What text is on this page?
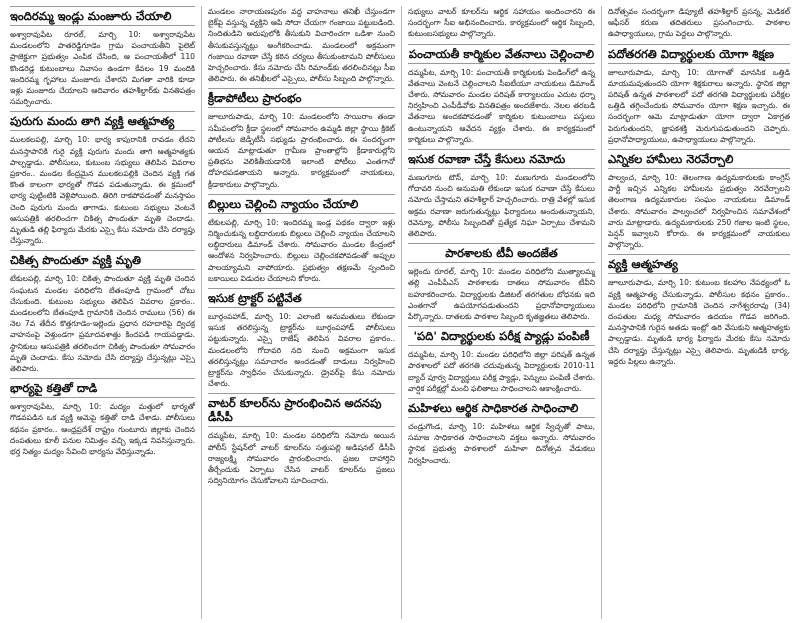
ఇందిరమ్మ ఇండ్లు మంజూరు చేయాలి

అశ్వారావుపేట రూరల్, మార్చి 10: అశ్వారావుపేట మండలంలోని పాతరెడ్డిగూడెం గ్రామ పంచాయతీని పైలెట్ ప్రాజెక్టుగా ప్రభుత్వం ఎంపిక చేసింది, ఆ పంచాయతీలో 110 కొండరెడ్ల కుటుంబాలు నివాసం ఉండగా కేవలం 19 మందికి ఇందిరమ్మ గృహాలు మంజూరు చేశారని మిగతా వారికి కూడా ఇళ్లు మంజూరు చేయాలని ఆదివారం తహశీల్దార్‌కు వినతిపత్రం సమర్పించారు.

పురుగు మందు తాగి వ్యక్తి ఆత్మహత్య

ములకలపల్లి, మార్చి 10: భార్య కాపురానికి రావడం లేదని మనస్తాపానికి గురై వ్యక్తి పురుగు మందు తాగి ఆత్మహత్యకు పాల్పడ్డాడు. పోలీసులు, కుటుంబ సభ్యులు తెలిపిన వివరాల ప్రకారం.. మండల కేంద్రమైన ములకలపల్లికి చెందిన వ్యక్తి గత కొంత కాలంగా భార్యతో గొడవ పడుతున్నాడు. ఈ క్రమంలో భార్య పుట్టింటికి వెళ్లిపోయింది. తిరిగి రాకపోవడంతో మనస్తాపం చెంది పురుగు మందు తాగాడు. కుటుంబ సభ్యులు వెంటనే ఆసుపత్రికి తరలించగా చికిత్స పొందుతూ మృతి చెందాడు. మృతుడి తల్లి ఫిర్యాదు మేరకు ఎస్సై కేసు నమోదు చేసి దర్యాప్తు చేస్తున్నారు.

చికిత్స పొందుతూ వ్యక్తి మృతి

టేకులపల్లి, మార్చి 10: చికిత్స పొందుతూ వ్యక్తి మృతి చెందిన సంఘటన మండల పరిధిలోని బేతంపూడి గ్రామంలో చోటు చేసుకుంది. కుటుంబ సభ్యులు తెలిపిన వివరాల ప్రకారం.. మండలంలోని బేతంపూడి గ్రామానికి చెందిన రాములు (56) ఈ నెల 7వ తేదీన కొత్తగూడెం-ఇల్లెందు ప్రధాన రహదారిపై ద్విచక్ర వాహనంపై వెళ్తుండగా ప్రమాదవశాత్తు కిందపడి గాయపడ్డాడు. స్థానికులు ఆసుపత్రికి తరలించగా చికిత్స పొందుతూ సోమవారం మృతి చెందాడు. కేసు నమోదు చేసి దర్యాప్తు చేస్తున్నట్లు ఎస్సై తెలిపారు.

భార్యపై కత్తితో దాడి

అశ్వారావుపేట, మార్చి 10: మద్యం మత్తులో భార్యతో గొడవపడిన ఒక వ్యక్తి ఆమెపై కత్తితో దాడి చేశాడు. పోలీసులు కథనం ప్రకారం.. ఆంధ్రప్రదేశ్ రాష్ట్రం గుంటూరు జిల్లాకు చెందిన దంపతులు కూలీ పనుల నిమిత్తం వచ్చి ఇక్కడ నివసిస్తున్నారు. భర్త నిత్యం మద్యం సేవించి భార్యను వేధిస్తున్నాడు.

మండలం నారాయణపురం వద్ద వాహనాలు తనిఖీ చేస్తుండగా బైక్‌పై వస్తున్న వ్యక్తిని ఆపి సోదా చేయగా గంజాయి పట్టుబడింది. నిందితుడిని అదుపులోకి తీసుకుని విచారించగా ఒడిశా నుంచి తీసుకువస్తున్నట్లు అంగీకరించాడు. మండలంలో అక్రమంగా గంజాయి రవాణా చేస్తే కఠిన చర్యలు తీసుకుంటామని పోలీసులు హెచ్చరించారు. కేసు నమోదు చేసి రిమాండ్‌కు తరలించినట్లు సీఐ తెలిపారు. ఈ తనిఖీలలో ఎస్సైలు, పోలీసు సిబ్బంది పాల్గొన్నారు.

క్రీడాపోటీలు ప్రారంభం

జూలూరుపాడు, మార్చి 10: మండలంలోని సాయిరాం తండా సమీపంలోని క్రీడా స్థలంలో సోమవారం ఉమ్మడి జిల్లా స్థాయి క్రికెట్ పోటీలను జెడ్పీటీసీ సభ్యుడు ప్రారంభించారు. ఈ సందర్భంగా ఆయన మాట్లాడుతూ గ్రామీణ ప్రాంతాల్లోని క్రీడాకారుల్లోని ప్రతిభను వెలికితీయడానికి ఇలాంటి పోటీలు ఎంతగానో దోహదపడతాయని అన్నారు. కార్యక్రమంలో నాయకులు, క్రీడాకారులు పాల్గొన్నారు.

బిల్లులు చెల్లించి న్యాయం చేయాలి

టేకులపల్లి, మార్చి 10: ఇందిరమ్మ ఇండ్ల పథకం ద్వారా ఇళ్లు నిర్మించుకున్న లబ్ధిదారులకు బిల్లులు చెల్లించి న్యాయం చేయాలని లబ్ధిదారులు డిమాండ్ చేశారు. సోమవారం మండల కేంద్రంలో ఆందోళన నిర్వహించారు. బిల్లులు చెల్లించకపోవడంతో అప్పుల పాలయ్యామని వాపోయారు. ప్రభుత్వం తక్షణమే స్పందించి బకాయిలు విడుదల చేయాలని కోరారు.

ఇసుక ట్రాక్టర్ పట్టివేత

బూర్గంపహాడ్, మార్చి 10: ఎలాంటి అనుమతులు లేకుండా ఇసుక తరలిస్తున్న ట్రాక్టర్‌ను బూర్గంపహాడ్ పోలీసులు పట్టుకున్నారు. ఎస్సై రాజేష్ తెలిపిన వివరాల ప్రకారం.. మండలంలోని గోదావరి నది నుంచి అక్రమంగా ఇసుక తరలిస్తున్నట్లు సమాచారం అందడంతో దాడులు నిర్వహించి ట్రాక్టర్‌ను స్వాధీనం చేసుకున్నారు. డ్రైవర్‌పై కేసు నమోదు చేశారు.

వాటర్ కూలర్‌ను ప్రారంభించిన అదనపు డీసీపీ

దమ్మపేట, మార్చి 10: మండల పరిధిలోని నమోదు అయిన పోలీస్ స్టేషన్‌లో వాటర్ కూలర్‌ను సత్తుపల్లి అడిషనల్ డీసీపీ రాజ్యలక్ష్మి సోమవారం ప్రారంభించారు. ప్రజల దాహార్తిని తీర్చేందుకు ఏర్పాటు చేసిన వాటర్ కూలర్‌ను ప్రజలు సద్వినియోగం చేసుకోవాలని సూచించారు.

సభ్యులు వాటర్ కూలర్‌ను ఆర్థిక సహాయం అందించారని ఈ సందర్భంగా సీఐ అభినందించారు. కార్యక్రమంలో ఆర్థిక సిబ్బంది, కుటుంబసభ్యులు పాల్గొన్నారు.

పంచాయతీ కార్మికుల వేతనాలు చెల్లించాలి

దమ్మపేట, మార్చి 10: పంచాయతీ కార్మికులకు పెండింగ్‌లో ఉన్న వేతనాలు వెంటనే చెల్లించాలని సీఐటీయూ నాయకులు డిమాండ్ చేశారు. సోమవారం మండల పరిషత్ కార్యాలయం ఎదుట ధర్నా నిర్వహించి ఎంపీడీవోకు వినతిపత్రం అందజేశారు. నెలల తరబడి వేతనాలు అందకపోవడంతో కార్మికుల కుటుంబాలు పస్తులు ఉంటున్నాయని ఆవేదన వ్యక్తం చేశారు. ఈ కార్యక్రమంలో కార్మికులు పాల్గొన్నారు.

ఇసుక రవాణా చేస్తే కేసులు నమోదు

మణుగూరు టౌన్, మార్చి 10: మణుగూరు మండలంలోని గోదావరి నుంచి అనుమతి లేకుండా ఇసుక రవాణా చేస్తే కేసులు నమోదు చేస్తామని తహశీల్దార్ హెచ్చరించారు. రాత్రి వేళల్లో ఇసుక అక్రమ రవాణా జరుగుతున్నట్లు ఫిర్యాదులు అందుతున్నాయని, రెవెన్యూ, పోలీసు సిబ్బందితో ప్రత్యేక నిఘా ఏర్పాటు చేశామని తెలిపారు.

పారశాలకు టీవీ అందజేత

ఇల్లెందు రూరల్, మార్చి 10: మండల పరిధిలోని ముత్యాలమ్మ తల్లి ఎంపీపీఎస్ పాఠశాలకు దాతలు సోమవారం టీవీని బహూకరించారు. విద్యార్థులకు డిజిటల్ తరగతుల బోధనకు ఇది ఎంతగానో ఉపయోగపడుతుందని ప్రధానోపాధ్యాయులు పేర్కొన్నారు. దాతలకు పాఠశాల సిబ్బంది కృతజ్ఞతలు తెలిపారు.

'పది' విద్యార్థులకు పరీక్ష ప్యాడ్లు పంపిణీ

దమ్మపేట, మార్చి 10: మండల పరిధిలోని జిల్లా పరిషత్ ఉన్నత పాఠశాలలో పదో తరగతి చదువుతున్న విద్యార్థులకు 2010-11 బ్యాచ్ పూర్వ విద్యార్థులు పరీక్ష ప్యాడ్లు, పెన్నులు పంపిణీ చేశారు. వార్షిక పరీక్షల్లో మంచి ఫలితాలు సాధించాలని ఆకాంక్షించారు.

మహిళలు ఆర్థిక సాధికారత సాధించాలి

చండ్రుగొండ, మార్చి 10: మహిళలు ఆర్థిక స్వేచ్ఛతో పాటు, సమాజ సాధికారత సాధించాలని వక్తలు అన్నారు. సోమవారం స్థానిక ప్రభుత్వ పాఠశాలలో మహిళా దినోత్సవ వేడుకలు నిర్వహించారు.

దినోత్సవం సందర్భంగా డిప్యూటీ తహశీల్దార్ ప్రసన్న, మెడికల్ ఆఫీసర్ కరుణ తదితరులు ప్రసంగించారు. పాఠశాల ఉపాధ్యాయులు, గ్రామ పెద్దలు పాల్గొన్నారు.

పదోతరగతి విద్యార్థులకు యోగా శిక్షణ

జూలూరుపాడు, మార్చి 10: యోగాతో మానసిక ఒత్తిడి మాయమవుతుందని యోగా శిక్షకురాలు అన్నారు. స్థానిక జిల్లా పరిషత్ ఉన్నత పాఠశాలలో పదో తరగతి విద్యార్థులకు పరీక్షల ఒత్తిడి తగ్గించేందుకు సోమవారం యోగా శిక్షణ ఇచ్చారు. ఈ సందర్భంగా ఆమె మాట్లాడుతూ యోగా ద్వారా ఏకాగ్రత పెరుగుతుందని, జ్ఞాపకశక్తి మెరుగుపడుతుందని చెప్పారు. ప్రధానోపాధ్యాయులు, ఉపాధ్యాయులు పాల్గొన్నారు.

ఎన్నికల హామీలు నెరవేర్చాలి

పాల్వంచ, మార్చి 10: తెలంగాణ ఉద్యమకారులకు కాంగ్రెస్ పార్టీ ఇచ్చిన ఎన్నికల హామీలను ప్రభుత్వం నెరవేర్చాలని తెలంగాణ ఉద్యమకారుల సంఘం నాయకులు డిమాండ్ చేశారు. సోమవారం పాల్వంచలో నిర్వహించిన సమావేశంలో వారు మాట్లాడారు. ఉద్యమకారులకు 250 గజాల ఇంటి స్థలం, పెన్షన్ ఇవ్వాలని కోరారు. ఈ కార్యక్రమంలో నాయకులు పాల్గొన్నారు.

వ్యక్తి ఆత్మహత్య

జూలూరుపాడు, మార్చి 10: కుటుంబ కలహాల నేపథ్యంలో ఓ వ్యక్తి ఆత్మహత్య చేసుకున్నాడు. పోలీసుల కథనం ప్రకారం.. మండల పరిధిలోని గ్రామానికి చెందిన నాగేశ్వరరావు (34) దంపతుల మధ్య సోమవారం ఉదయం గొడవ జరిగింది. మనస్తాపానికి గురైన అతడు ఇంట్లో ఉరి వేసుకుని ఆత్మహత్యకు పాల్పడ్డాడు. మృతుడి భార్య ఫిర్యాదు మేరకు కేసు నమోదు చేసి దర్యాప్తు చేస్తున్నట్లు ఎస్సై తెలిపారు. మృతుడికి భార్య, ఇద్దరు పిల్లలు ఉన్నారు.
